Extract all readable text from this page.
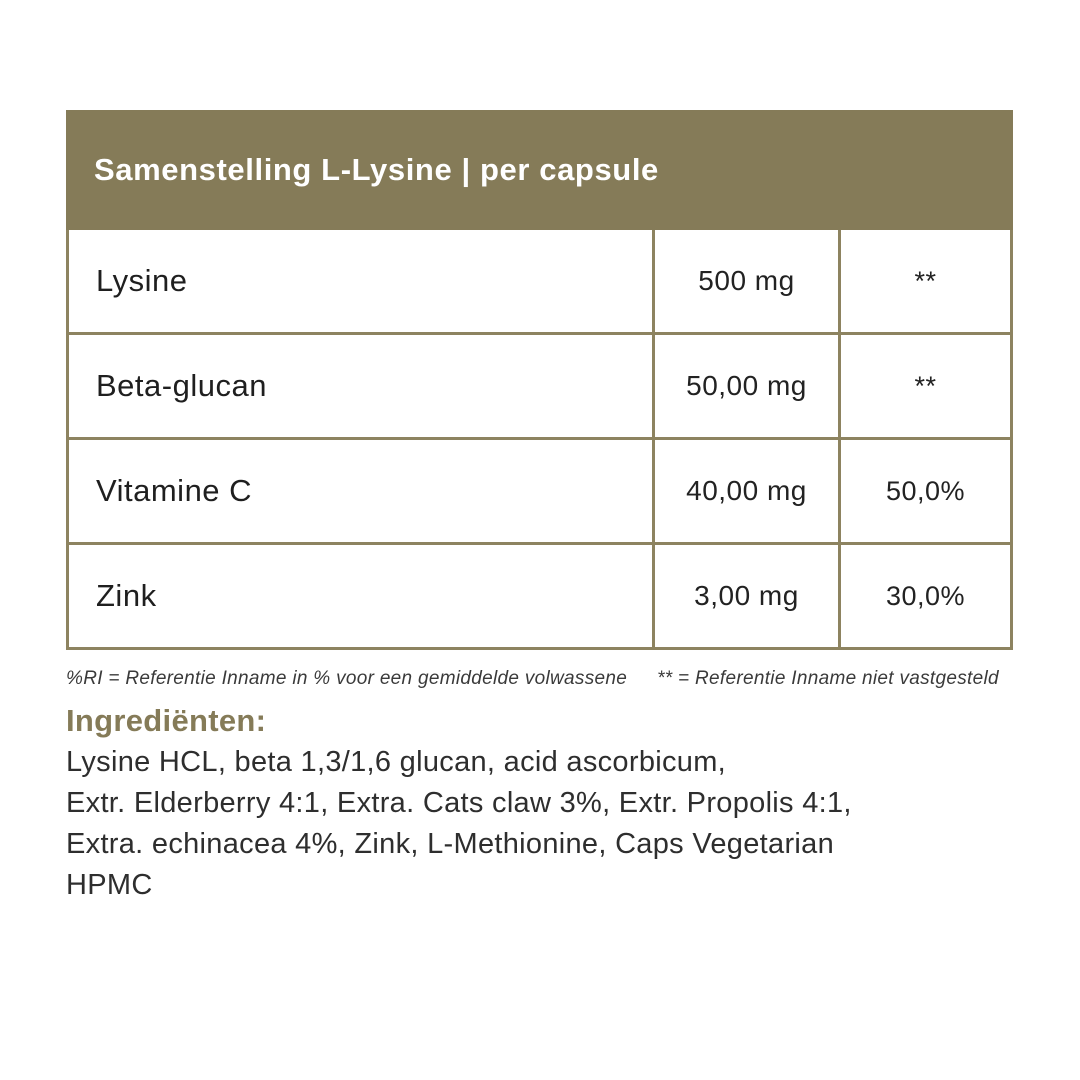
Samenstelling L-Lysine | per capsule
Lysine	500 mg	**
Beta-glucan	50,00 mg	**
Vitamine C	40,00 mg	50,0%
Zink	3,00 mg	30,0%
%RI = Referentie Inname in % voor een gemiddelde volwassene ** = Referentie Inname niet vastgesteld
Ingrediënten:
Lysine HCL, beta 1,3/1,6 glucan, acid ascorbicum,
Extr. Elderberry 4:1, Extra. Cats claw 3%, Extr. Propolis 4:1,
Extra. echinacea 4%, Zink, L-Methionine, Caps Vegetarian
HPMC
